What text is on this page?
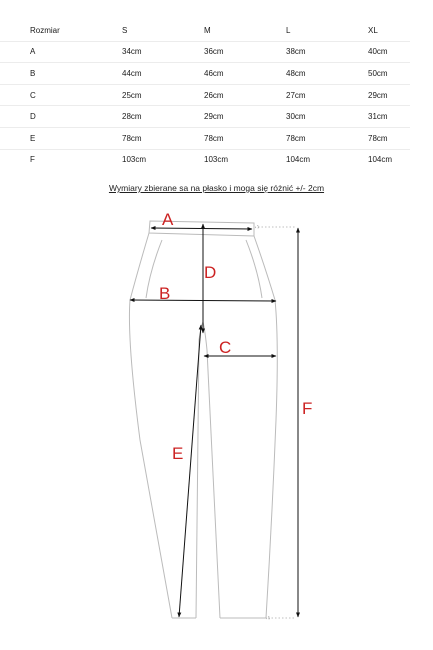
Rozmiar	S	M	L	XL
A	34cm	36cm	38cm	40cm
B	44cm	46cm	48cm	50cm
C	25cm	26cm	27cm	29cm
D	28cm	29cm	30cm	31cm
E	78cm	78cm	78cm	78cm
F	103cm	103cm	104cm	104cm
Wymiary zbierane sa na płasko i moga się różnić +/- 2cm
A
D
B
C
E
F
